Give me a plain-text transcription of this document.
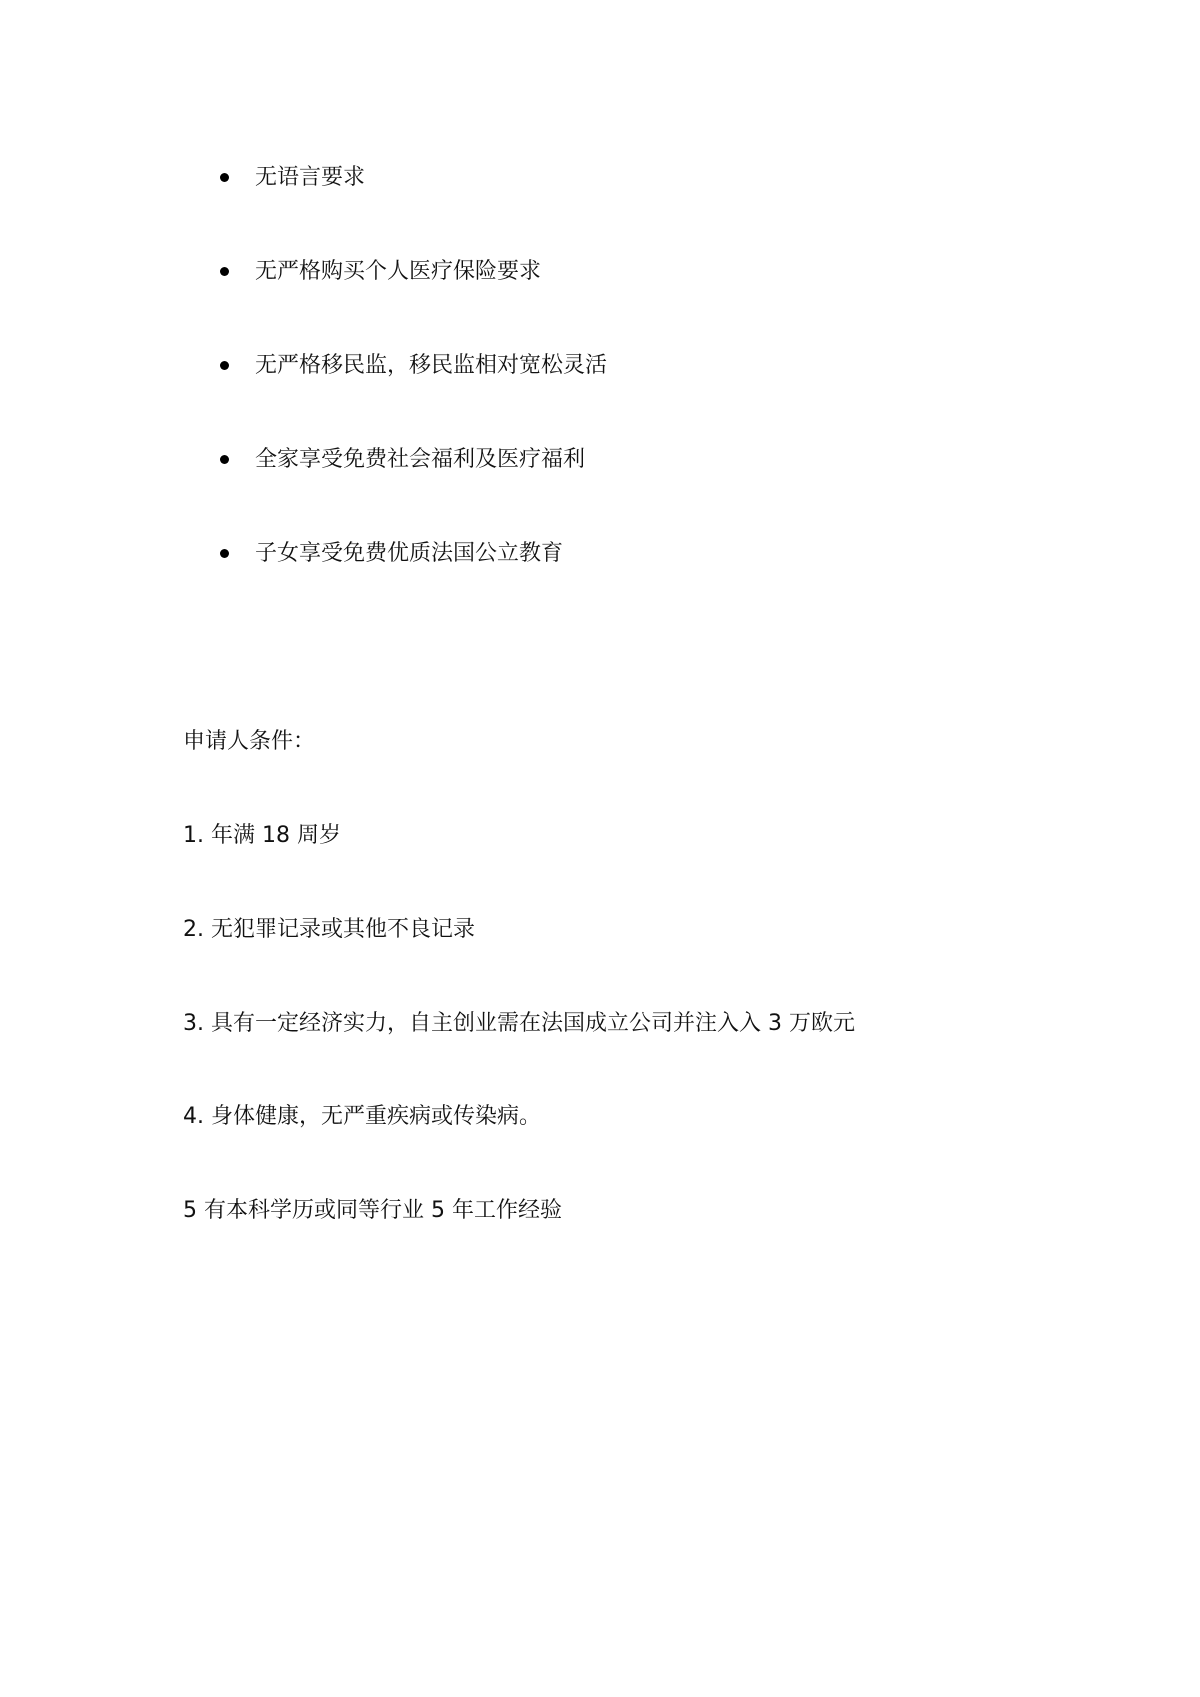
无语言要求
无严格购买个人医疗保险要求
无严格移民监，移民监相对宽松灵活
全家享受免费社会福利及医疗福利
子女享受免费优质法国公立教育
申请人条件：
1. 年满 18 周岁
2. 无犯罪记录或其他不良记录
3. 具有一定经济实力，自主创业需在法国成立公司并注入入 3 万欧元
4. 身体健康，无严重疾病或传染病。
5 有本科学历或同等行业 5 年工作经验
